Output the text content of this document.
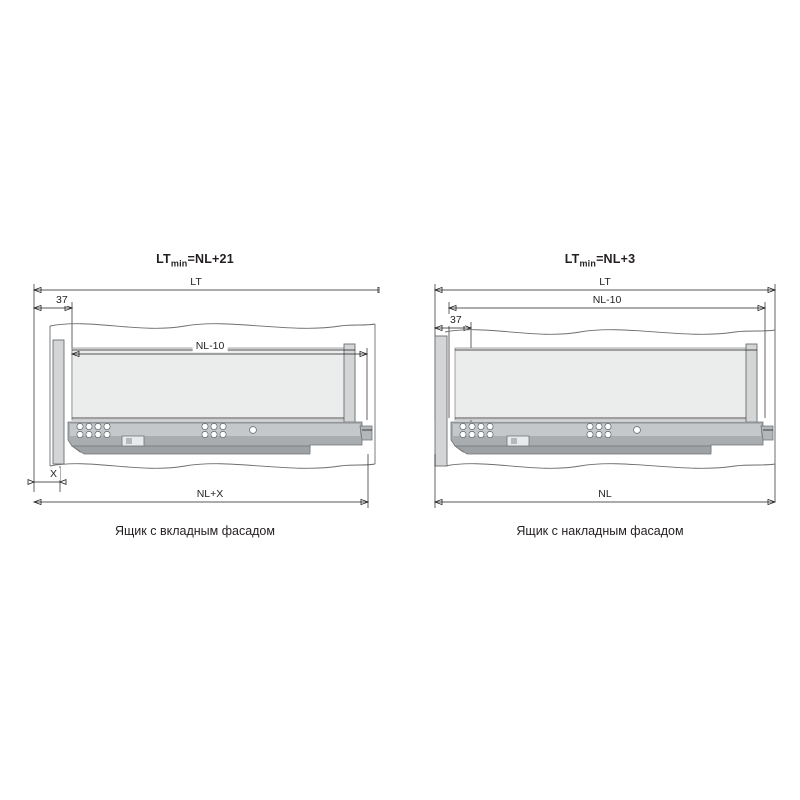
$LT_{min}=NL+21$
LT
37
NL-10
X
NL+X
Ящик с вкладным фасадом
$LT_{min}=NL+3$
LT
NL-10
37
NL
Ящик с накладным фасадом
